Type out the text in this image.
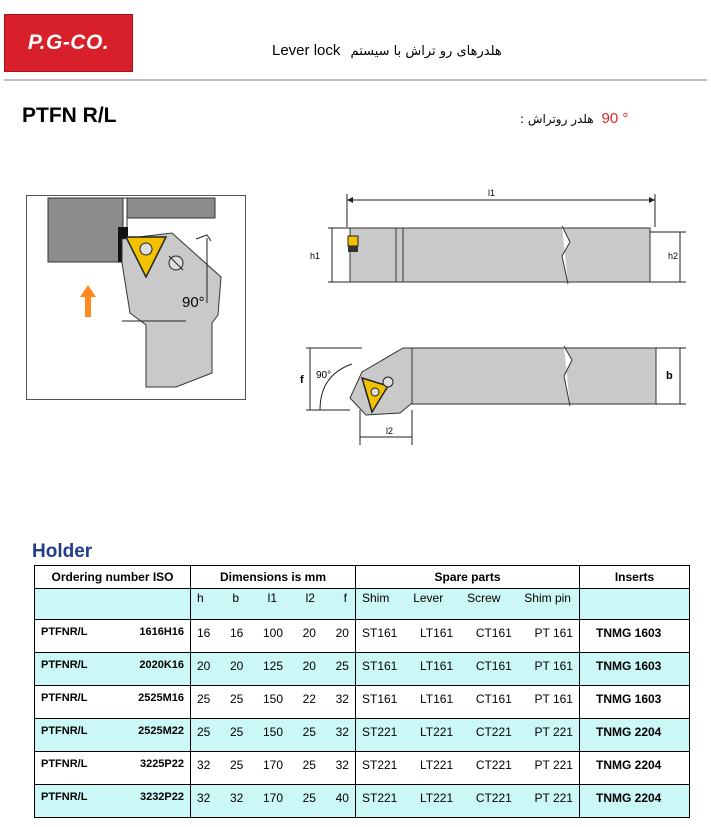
P.G-CO.	Lever lock هلدرهای رو تراش با سیستم
PTFN R/L	هلدر روتراش : 90 °
90°
l1
h1	h2
l2
f 90°	b
Holder
Ordering number ISO	Dimensions is mm	Spare parts	Inserts

	h b l1 l2 f	Shim Lever Screw Shim pin	

PTFNR/L 1616H16	16 16 100 20 20	ST161 LT161 CT161 PT 161	TNMG 1603

PTFNR/L 2020K16	20 20 125 20 25	ST161 LT161 CT161 PT 161	TNMG 1603

PTFNR/L 2525M16	25 25 150 22 32	ST161 LT161 CT161 PT 161	TNMG 1603

PTFNR/L 2525M22	25 25 150 25 32	ST221 LT221 CT221 PT 221	TNMG 2204

PTFNR/L 3225P22	32 25 170 25 32	ST221 LT221 CT221 PT 221	TNMG 2204

PTFNR/L 3232P22	32 32 170 25 40	ST221 LT221 CT221 PT 221	TNMG 2204
